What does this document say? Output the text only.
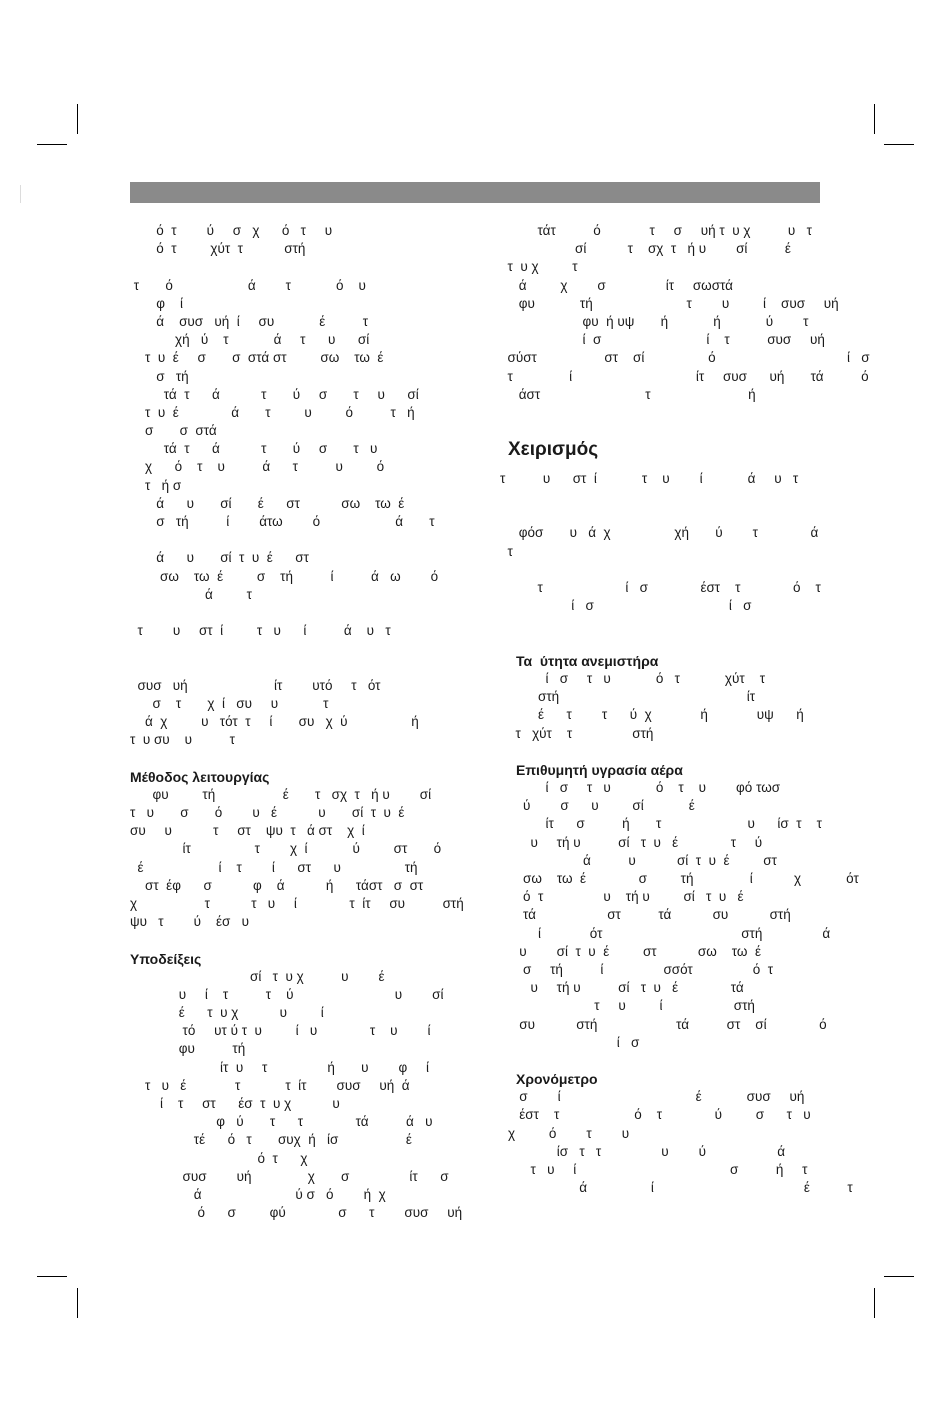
ό  τ        ύ     σ   χ      ό   τ     υ
ό  τ         χύτ  τ           στή
τ       ό                    ά        τ            ό    υ
φ    ί
ά    συσ   υή  ί     συ            έ          τ
χή   ύ    τ            ά     τ      υ      σί
τ  υ  έ     σ       σ  στά στ         σω    τω  έ
σ   τή
τά  τ      ά           τ       ύ     σ       τ     υ      σί
τ  υ  έ              ά       τ         υ         ό          τ   ή
σ       σ  στά
τά  τ      ά           τ       ύ     σ       τ   υ
χ      ό    τ    υ          ά      τ          υ         ό
τ   ή σ
ά      υ       σί       έ      στ           σω    τω  έ
σ   τή          ί        άτω        ό                    ά       τ
ά      υ       σί  τ  υ  έ      στ
σω    τω  έ         σ    τή          ί          ά   ω        ό
ά         τ
τ        υ     στ  ί         τ   υ      ί          ά    υ   τ
συσ   υή                       ίτ        υτό     τ   ότ
σ    τ       χ  ί   συ     υ            τ
ά  χ         υ   τότ  τ     ί       συ   χ  ύ                 ή
τ  υ συ    υ          τ
Μέθοδος λειτουργίας
φυ         τή                  έ       τ   σχ  τ   ή υ        σί
τ   υ       σ       ό        υ   έ           υ       σί  τ  υ  έ
συ     υ           τ     στ    ψυ  τ   ά στ    χ  ί
ίτ                 τ        χ  ί            ύ         στ       ό
έ                    ί    τ        ί      στ      υ                 τή
στ  έφ      σ           φ    ά           ή      τάστ   σ  στ
χ                  τ           τ   υ     ί              τ  ίτ     συ          στή
ψυ   τ        ύ    έσ   υ
Υποδείξεις
σί   τ  υ χ          υ        έ
υ     ί    τ          τ    ύ                           υ        σί
έ      τ  υ χ           υ         ί
τό     υτ ύ τ  υ         ί   υ              τ    υ        ί
φυ          τή
ίτ  υ     τ                ή       υ        φ     ί
τ   υ   έ             τ            τ  ίτ        συσ     υή  ά
ί    τ     στ      έσ  τ  υ χ           υ
φ   ύ       τ      τ              τά          ά   υ
τέ      ό   τ       συχ  ή   ίσ                  έ
ό  τ      χ
συσ        υή               χ       σ                ίτ      σ
ά                         ύ σ   ό        ή  χ
ό      σ         φύ              σ      τ        συσ     υή
τάτ          ό             τ     σ     υή τ  υ χ          υ   τ
σί           τ    σχ  τ   ή υ        σί          έ
τ  υ χ         τ
ά         χ        σ                ίτ     σωστά
φυ            τή                         τ        υ         ί    συσ     υή
φυ  ή υψ       ή            ή            ύ        τ
ί  σ                            ί    τ          συσ     υή
σύστ                  στ    σί                 ό                                   ί   σ
τ               ί                                 ίτ     συσ      υή       τά          ό
άστ                            τ                          ή
Χειρισμός
τ          υ      στ  ί            τ    υ        ί            ά     υ   τ
φόσ       υ   ά  χ                 χή       ύ        τ              ά
τ
τ                      ί   σ              έστ    τ              ό    τ
ί   σ                                    ί   σ
Τα  ύτητα ανεμιστήρα
ί   σ     τ   υ            ό   τ            χύτ    τ
στή                                                  ίτ
έ      τ        τ      ύ  χ             ή             υψ      ή
τ   χύτ    τ                στή
Επιθυμητή υγρασία αέρα
ί   σ     τ   υ            ό    τ    υ        φό τωσ
ύ        σ      υ         σί            έ
ίτ      σ          ή       τ                       υ      ίσ  τ    τ
υ     τή υ          σί   τ  υ   έ              τ     ύ
ά          υ           σί  τ  υ  έ         στ
σω    τω  έ              σ         τή               ί           χ            ότ
ό  τ                υ    τή υ         σί   τ  υ   έ
τά                   στ          τά           συ           στή
ί             ότ                                     στή                ά
υ        σί  τ  υ  έ         στ           σω    τω  έ
σ     τή          ί                σσότ                ό  τ
υ     τή υ          σί   τ  υ   έ              τά
τ     υ         ί                   στή
συ           στή                     τά          στ    σί              ό
ί   σ
Χρονόμετρο
σ        ί                                    έ            συσ     υή
έστ    τ                    ό    τ              ύ         σ      τ   υ
χ         ό        τ        υ
ίσ   τ   τ                υ        ύ                   ά
τ   υ     ί                                         σ          ή     τ
ά                 ί                                        έ          τ
